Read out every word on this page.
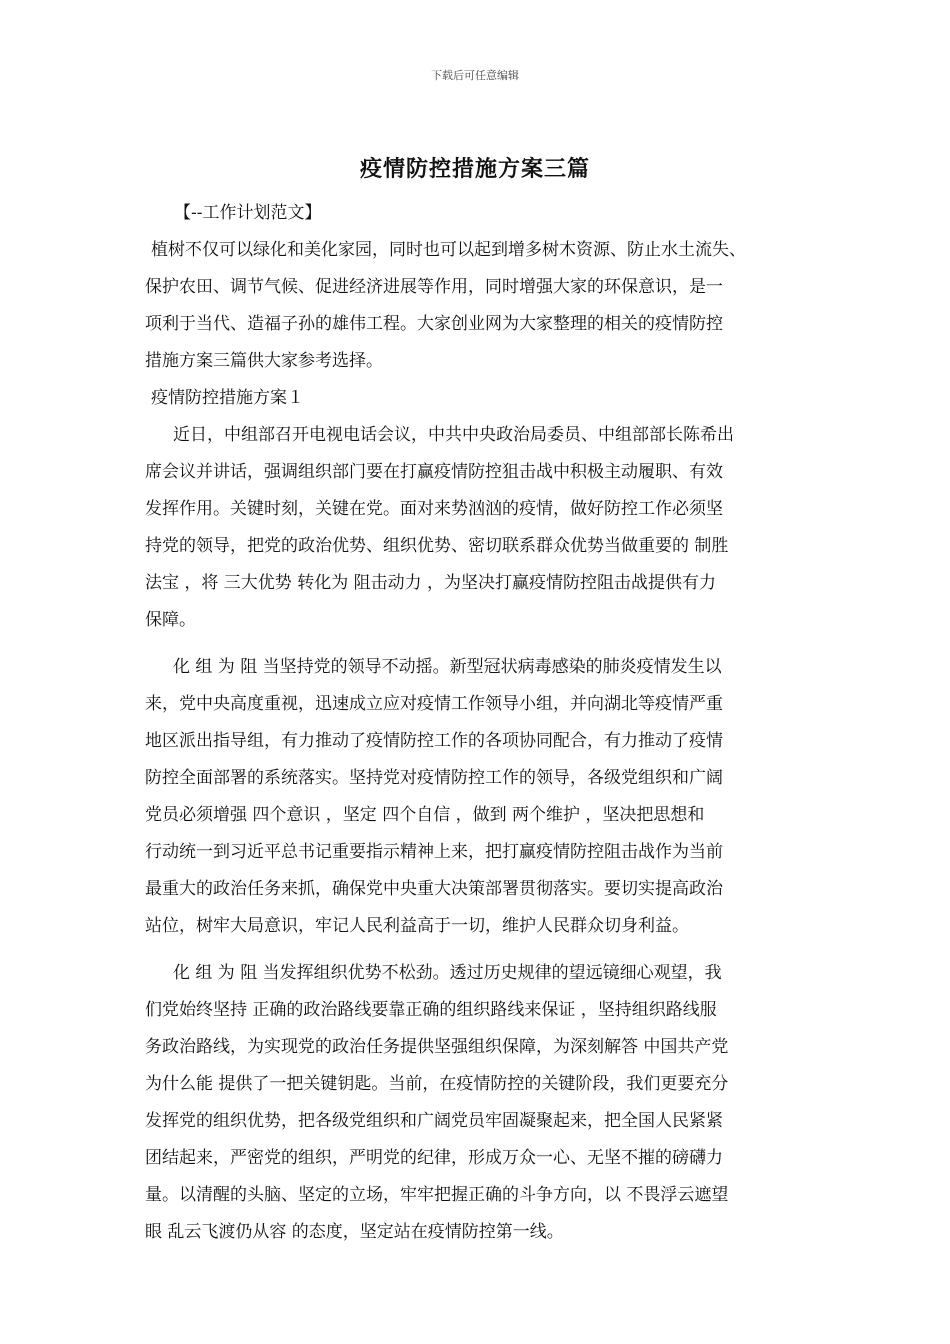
下载后可任意编辑
疫情防控措施方案三篇
【--工作计划范文】
植树不仅可以绿化和美化家园，同时也可以起到增多树木资源、防止水土流失、
保护农田、调节气候、促进经济进展等作用，同时增强大家的环保意识，是一
项利于当代、造福子孙的雄伟工程。大家创业网为大家整理的相关的疫情防控
措施方案三篇供大家参考选择。
疫情防控措施方案１
近日，中组部召开电视电话会议，中共中央政治局委员、中组部部长陈希出
席会议并讲话，强调组织部门要在打赢疫情防控狙击战中积极主动履职、有效
发挥作用。关键时刻，关键在党。面对来势汹汹的疫情，做好防控工作必须坚
持党的领导，把党的政治优势、组织优势、密切联系群众优势当做重要的 制胜
法宝 ，将 三大优势 转化为 阻击动力 ，为坚决打赢疫情防控阻击战提供有力
保障。
化 组 为 阻 当坚持党的领导不动摇。新型冠状病毒感染的肺炎疫情发生以
来，党中央高度重视，迅速成立应对疫情工作领导小组，并向湖北等疫情严重
地区派出指导组，有力推动了疫情防控工作的各项协同配合，有力推动了疫情
防控全面部署的系统落实。坚持党对疫情防控工作的领导，各级党组织和广阔
党员必须增强 四个意识 ，坚定 四个自信 ，做到 两个维护 ，坚决把思想和
行动统一到习近平总书记重要指示精神上来，把打赢疫情防控阻击战作为当前
最重大的政治任务来抓，确保党中央重大决策部署贯彻落实。要切实提高政治
站位，树牢大局意识，牢记人民利益高于一切，维护人民群众切身利益。
化 组 为 阻 当发挥组织优势不松劲。透过历史规律的望远镜细心观望，我
们党始终坚持 正确的政治路线要靠正确的组织路线来保证 ，坚持组织路线服
务政治路线，为实现党的政治任务提供坚强组织保障，为深刻解答 中国共产党
为什么能 提供了一把关键钥匙。当前，在疫情防控的关键阶段，我们更要充分
发挥党的组织优势，把各级党组织和广阔党员牢固凝聚起来，把全国人民紧紧
团结起来，严密党的组织，严明党的纪律，形成万众一心、无坚不摧的磅礴力
量。以清醒的头脑、坚定的立场，牢牢把握正确的斗争方向，以 不畏浮云遮望
眼 乱云飞渡仍从容 的态度，坚定站在疫情防控第一线。
